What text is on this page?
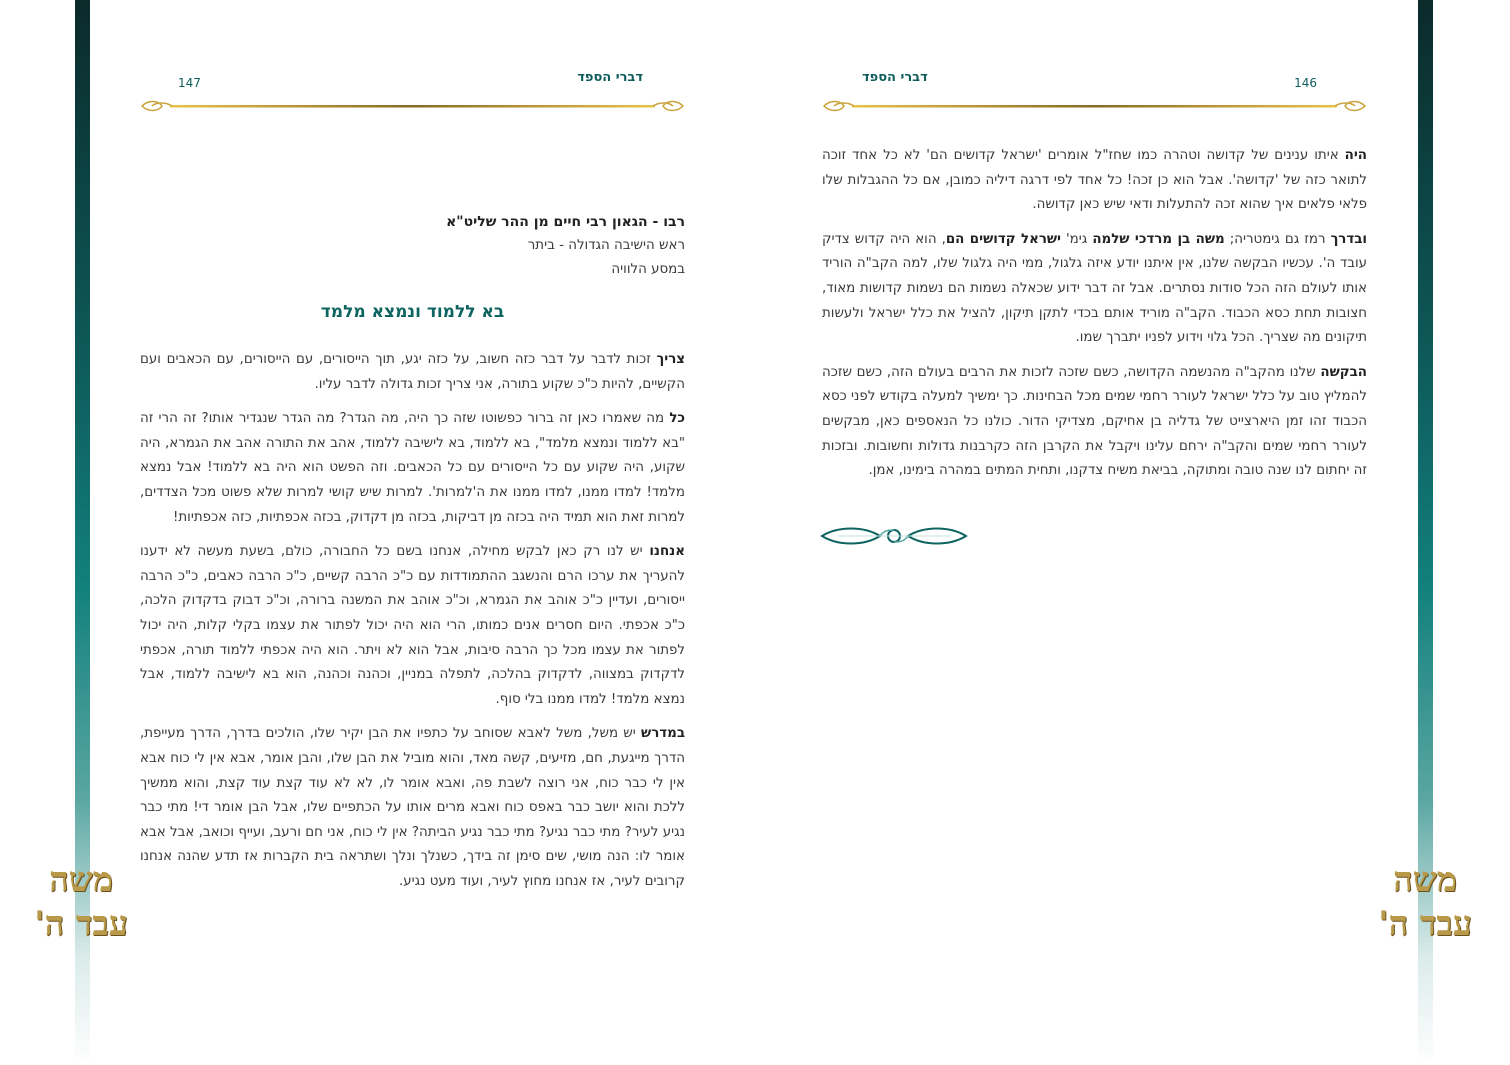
משה
עבד ה'
משה
עבד ה'
147	דברי הספד
רבו - הגאון רבי חיים מן ההר שליט"א
ראש הישיבה הגדולה - ביתר
במסע הלוויה
בא ללמוד ונמצא מלמד

צריך זכות לדבר על דבר כזה חשוב, על כזה יגע, תוך הייסורים, עם הייסורים, עם הכאבים ועם הקשיים, להיות כ"כ שקוע בתורה, אני צריך זכות גדולה לדבר עליו.

כל מה שאמרו כאן זה ברור כפשוטו שזה כך היה, מה הגדר? מה הגדר שנגדיר אותו? זה הרי זה "בא ללמוד ונמצא מלמד", בא ללמוד, בא לישיבה ללמוד, אהב את התורה אהב את הגמרא, היה שקוע, היה שקוע עם כל הייסורים עם כל הכאבים. וזה הפשט הוא היה בא ללמוד! אבל נמצא מלמד! למדו ממנו, למדו ממנו את ה'למרות'. למרות שיש קושי למרות שלא פשוט מכל הצדדים, למרות זאת הוא תמיד היה בכזה מן דביקות, בכזה מן דקדוק, בכזה אכפתיות, כזה אכפתיות!

אנחנו יש לנו רק כאן לבקש מחילה, אנחנו בשם כל החבורה, כולם, בשעת מעשה לא ידענו להעריך את ערכו הרם והנשגב ההתמודדות עם כ"כ הרבה קשיים, כ"כ הרבה כאבים, כ"כ הרבה ייסורים, ועדיין כ"כ אוהב את הגמרא, וכ"כ אוהב את המשנה ברורה, וכ"כ דבוק בדקדוק הלכה, כ"כ אכפתי. היום חסרים אנים כמותו, הרי הוא היה יכול לפתור את עצמו בקלי קלות, היה יכול לפתור את עצמו מכל כך הרבה סיבות, אבל הוא לא ויתר. הוא היה אכפתי ללמוד תורה, אכפתי לדקדוק במצווה, לדקדוק בהלכה, לתפלה במניין, וכהנה וכהנה, הוא בא לישיבה ללמוד, אבל נמצא מלמד! למדו ממנו בלי סוף.

במדרש יש משל, משל לאבא שסוחב על כתפיו את הבן יקיר שלו, הולכים בדרך, הדרך מעייפת, הדרך מייגעת, חם, מזיעים, קשה מאד, והוא מוביל את הבן שלו, והבן אומר, אבא אין לי כוח אבא אין לי כבר כוח, אני רוצה לשבת פה, ואבא אומר לו, לא לא עוד קצת עוד קצת, והוא ממשיך ללכת והוא יושב כבר באפס כוח ואבא מרים אותו על הכתפיים שלו, אבל הבן אומר די! מתי כבר נגיע לעיר? מתי כבר נגיע? מתי כבר נגיע הביתה? אין לי כוח, אני חם ורעב, ועייף וכואב, אבל אבא אומר לו: הנה מושי, שים סימן זה בידך, כשנלך ונלך ושתראה בית הקברות אז תדע שהנה אנחנו קרובים לעיר, אז אנחנו מחוץ לעיר, ועוד מעט נגיע.

דברי הספד	146

היה איתו ענינים של קדושה וטהרה כמו שחז"ל אומרים 'ישראל קדושים הם' לא כל אחד זוכה לתואר כזה של 'קדושה'. אבל הוא כן זכה! כל אחד לפי דרגה דיליה כמובן, אם כל ההגבלות שלו פלאי פלאים איך שהוא זכה להתעלות ודאי שיש כאן קדושה.

ובדרך רמז גם גימטריה; משה בן מרדכי שלמה גימ' ישראל קדושים הם, הוא היה קדוש צדיק עובד ה'. עכשיו הבקשה שלנו, אין איתנו יודע איזה גלגול, ממי היה גלגול שלו, למה הקב"ה הוריד אותו לעולם הזה הכל סודות נסתרים. אבל זה דבר ידוע שכאלה נשמות הם נשמות קדושות מאוד, חצובות תחת כסא הכבוד. הקב"ה מוריד אותם בכדי לתקן תיקון, להציל את כלל ישראל ולעשות תיקונים מה שצריך. הכל גלוי וידוע לפניו יתברך שמו.

הבקשה שלנו מהקב"ה מהנשמה הקדושה, כשם שזכה לזכות את הרבים בעולם הזה, כשם שזכה להמליץ טוב על כלל ישראל לעורר רחמי שמים מכל הבחינות. כך ימשיך למעלה בקודש לפני כסא הכבוד זהו זמן היארצייט של גדליה בן אחיקם, מצדיקי הדור. כולנו כל הנאספים כאן, מבקשים לעורר רחמי שמים והקב"ה ירחם עלינו ויקבל את הקרבן הזה כקרבנות גדולות וחשובות. ובזכות זה יחתום לנו שנה טובה ומתוקה, בביאת משיח צדקנו, ותחית המתים במהרה בימינו, אמן.
